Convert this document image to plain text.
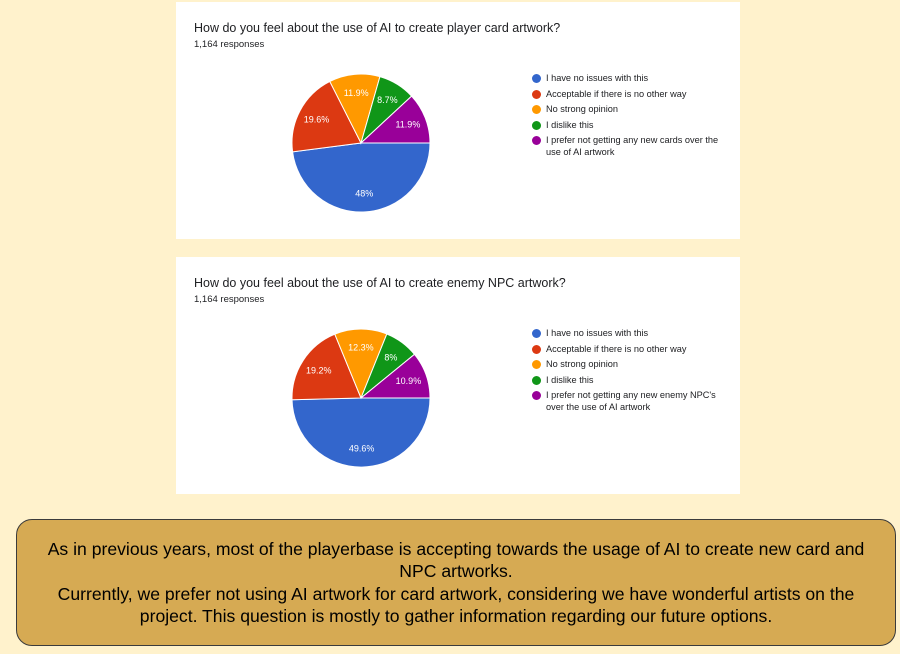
How do you feel about the use of AI to create player card artwork?
1,164 responses
48%
19.6%
11.9%
8.7%
11.9%
I have no issues with this
Acceptable if there is no other way
No strong opinion
I dislike this
I prefer not getting any new cards over the use of AI artwork
How do you feel about the use of AI to create enemy NPC artwork?
1,164 responses
49.6%
19.2%
12.3%
8%
10.9%
I have no issues with this
Acceptable if there is no other way
No strong opinion
I dislike this
I prefer not getting any new enemy NPC's over the use of AI artwork

As in previous years, most of the playerbase is accepting towards the usage of AI to create new card and NPC artworks.

Currently, we prefer not using AI artwork for card artwork, considering we have wonderful artists on the project. This question is mostly to gather information regarding our future options.
